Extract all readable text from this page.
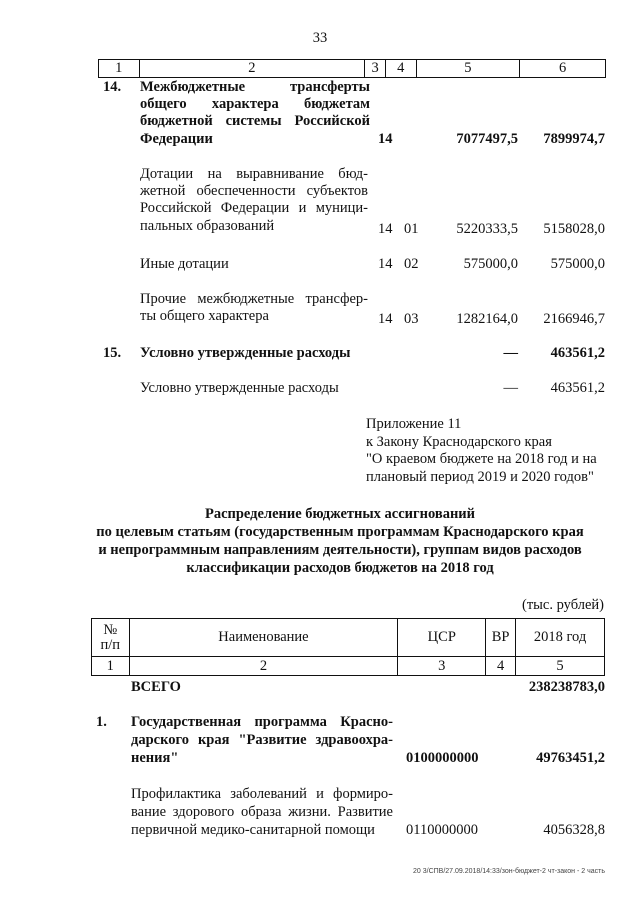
33
1	2	3	4	5	6
14. Межбюджетные трансферты
общего характера бюджетам
бюджетной системы Российской
Федерации	14	7077497,5	7899974,7
Дотации на выравнивание бюд-
жетной обеспеченности субъектов
Российской Федерации и муници-
пальных образований	14 01	5220333,5	5158028,0
Иные дотации	14 02	575000,0	575000,0
Прочие межбюджетные трансфер-
ты общего характера	14 03	1282164,0	2166946,7
15. Условно утвержденные расходы	—	463561,2
Условно утвержденные расходы	—	463561,2
Приложение 11
к Закону Краснодарского края
"О краевом бюджете на 2018 год и на
плановый период 2019 и 2020 годов"
Распределение бюджетных ассигнований
по целевым статьям (государственным программам Краснодарского края
и непрограммным направлениям деятельности), группам видов расходов
классификации расходов бюджетов на 2018 год
(тыс. рублей)
№
п/п	Наименование	ЦСР	ВР	2018 год
1	2	3	4	5
ВСЕГО	238238783,0
1. Государственная программа Красно-
дарского края "Развитие здравоохра-
нения"	0100000000	49763451,2
Профилактика заболеваний и формиро-
вание здорового образа жизни. Развитие
первичной медико-санитарной помощи 0110000000	4056328,8
20 3/СПВ/27.09.2018/14:33/зон-бюджет-2 чт-закон - 2 часть
